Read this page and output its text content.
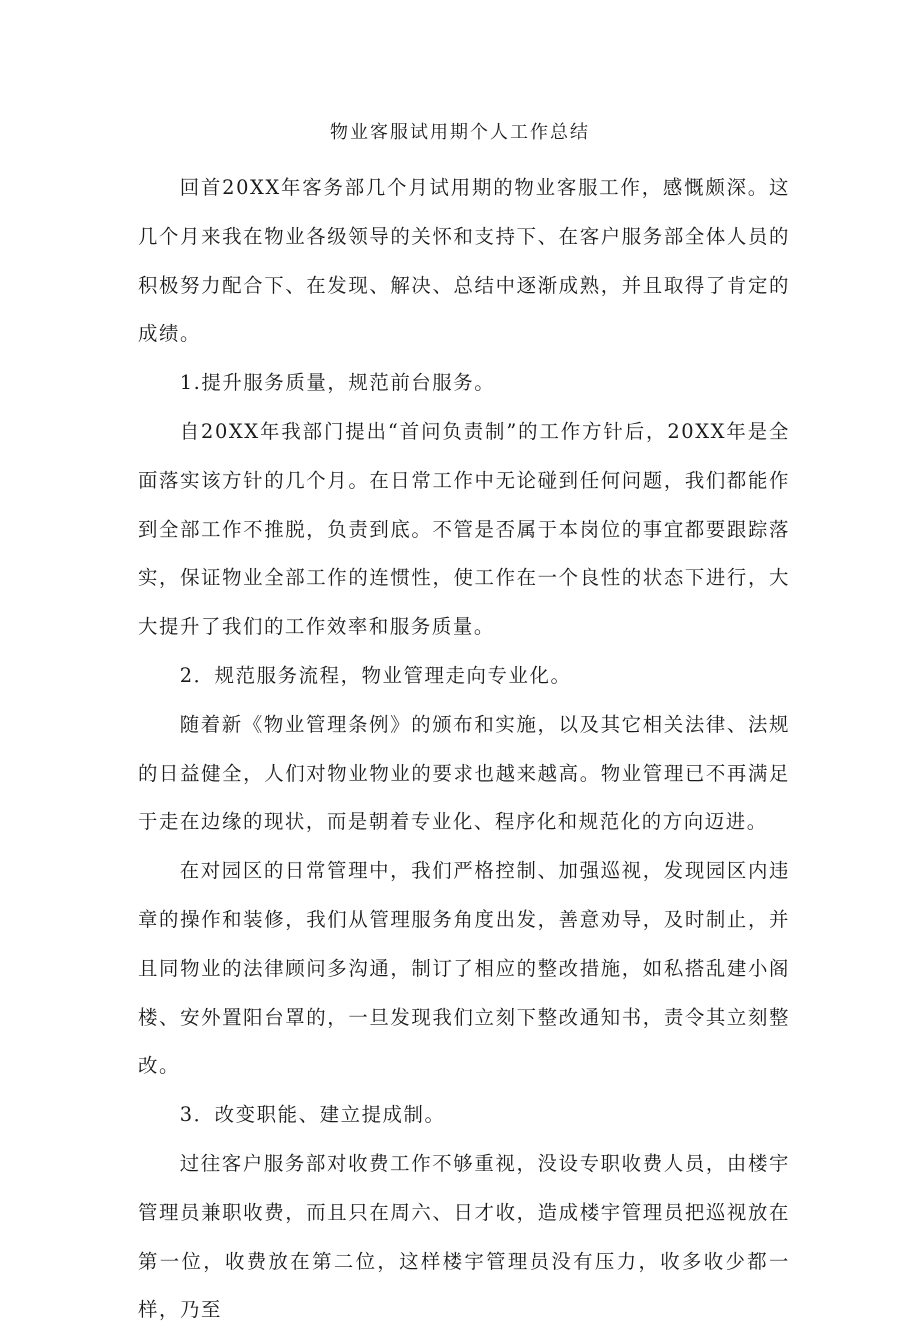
物业客服试用期个人工作总结

回首20XX年客务部几个月试用期的物业客服工作，感慨颇深。这几个月来我在物业各级领导的关怀和支持下、在客户服务部全体人员的积极努力配合下、在发现、解决、总结中逐渐成熟，并且取得了肯定的成绩。

1.提升服务质量，规范前台服务。

自20XX年我部门提出“首问负责制”的工作方针后，20XX年是全面落实该方针的几个月。在日常工作中无论碰到任何问题，我们都能作到全部工作不推脱，负责到底。不管是否属于本岗位的事宜都要跟踪落实，保证物业全部工作的连惯性，使工作在一个良性的状态下进行，大大提升了我们的工作效率和服务质量。

2．规范服务流程，物业管理走向专业化。

随着新《物业管理条例》的颁布和实施，以及其它相关法律、法规的日益健全，人们对物业物业的要求也越来越高。物业管理已不再满足于走在边缘的现状，而是朝着专业化、程序化和规范化的方向迈进。

在对园区的日常管理中，我们严格控制、加强巡视，发现园区内违章的操作和装修，我们从管理服务角度出发，善意劝导，及时制止，并且同物业的法律顾问多沟通，制订了相应的整改措施，如私搭乱建小阁楼、安外置阳台罩的，一旦发现我们立刻下整改通知书，责令其立刻整改。

3．改变职能、建立提成制。

过往客户服务部对收费工作不够重视，没设专职收费人员，由楼宇管理员兼职收费，而且只在周六、日才收，造成楼宇管理员把巡视放在第一位，收费放在第二位，这样楼宇管理员没有压力，收多收少都一样，乃至
